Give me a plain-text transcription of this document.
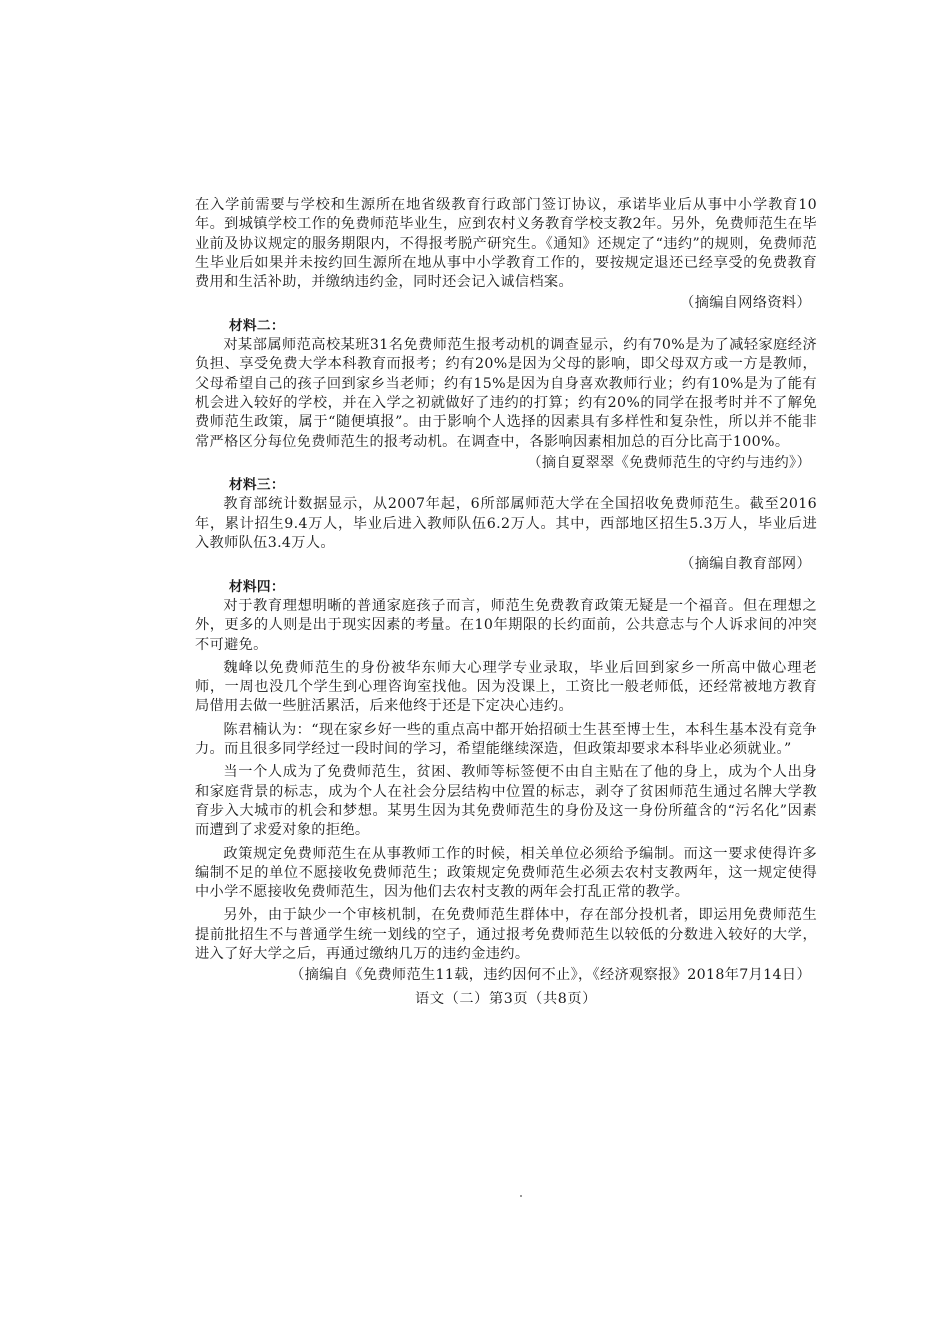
在入学前需要与学校和生源所在地省级教育行政部门签订协议，承诺毕业后从事中小学教育10年。到城镇学校工作的免费师范毕业生，应到农村义务教育学校支教2年。另外，免费师范生在毕业前及协议规定的服务期限内，不得报考脱产研究生。《通知》还规定了“违约”的规则，免费师范生毕业后如果并未按约回生源所在地从事中小学教育工作的，要按规定退还已经享受的免费教育费用和生活补助，并缴纳违约金，同时还会记入诚信档案。

（摘编自网络资料）

材料二：

对某部属师范高校某班31名免费师范生报考动机的调查显示，约有70%是为了减轻家庭经济负担、享受免费大学本科教育而报考；约有20%是因为父母的影响，即父母双方或一方是教师，父母希望自己的孩子回到家乡当老师；约有15%是因为自身喜欢教师行业；约有10%是为了能有机会进入较好的学校，并在入学之初就做好了违约的打算；约有20%的同学在报考时并不了解免费师范生政策，属于“随便填报”。由于影响个人选择的因素具有多样性和复杂性，所以并不能非常严格区分每位免费师范生的报考动机。在调查中，各影响因素相加总的百分比高于100%。

（摘自夏翠翠《免费师范生的守约与违约》）

材料三：

教育部统计数据显示，从2007年起，6所部属师范大学在全国招收免费师范生。截至2016年，累计招生9.4万人，毕业后进入教师队伍6.2万人。其中，西部地区招生5.3万人，毕业后进入教师队伍3.4万人。

（摘编自教育部网）

材料四：

对于教育理想明晰的普通家庭孩子而言，师范生免费教育政策无疑是一个福音。但在理想之外，更多的人则是出于现实因素的考量。在10年期限的长约面前，公共意志与个人诉求间的冲突不可避免。

魏峰以免费师范生的身份被华东师大心理学专业录取，毕业后回到家乡一所高中做心理老师，一周也没几个学生到心理咨询室找他。因为没课上，工资比一般老师低，还经常被地方教育局借用去做一些脏活累活，后来他终于还是下定决心违约。

陈君楠认为：“现在家乡好一些的重点高中都开始招硕士生甚至博士生，本科生基本没有竞争力。而且很多同学经过一段时间的学习，希望能继续深造，但政策却要求本科毕业必须就业。”

当一个人成为了免费师范生，贫困、教师等标签便不由自主贴在了他的身上，成为个人出身和家庭背景的标志，成为个人在社会分层结构中位置的标志，剥夺了贫困师范生通过名牌大学教育步入大城市的机会和梦想。某男生因为其免费师范生的身份及这一身份所蕴含的“污名化”因素而遭到了求爱对象的拒绝。

政策规定免费师范生在从事教师工作的时候，相关单位必须给予编制。而这一要求使得许多编制不足的单位不愿接收免费师范生；政策规定免费师范生必须去农村支教两年，这一规定使得中小学不愿接收免费师范生，因为他们去农村支教的两年会打乱正常的教学。

另外，由于缺少一个审核机制，在免费师范生群体中，存在部分投机者，即运用免费师范生提前批招生不与普通学生统一划线的空子，通过报考免费师范生以较低的分数进入较好的大学，进入了好大学之后，再通过缴纳几万的违约金违约。

（摘编自《免费师范生11载，违约因何不止》，《经济观察报》2018年7月14日）

语文（二）第3页（共8页）
